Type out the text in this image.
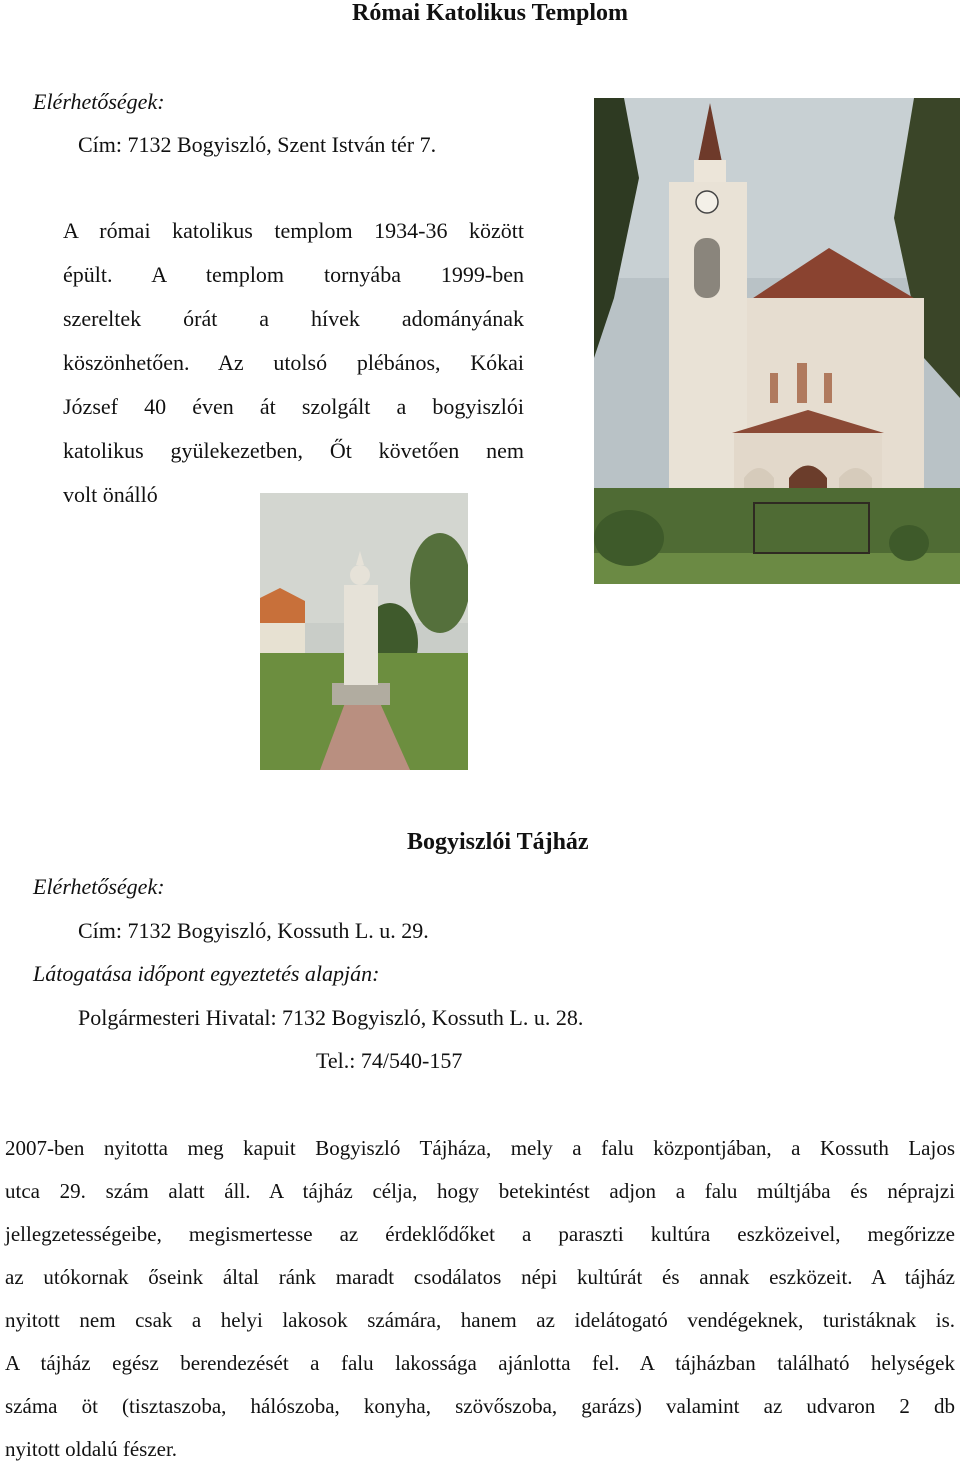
Római Katolikus Templom
Elérhetőségek:
Cím: 7132 Bogyiszló, Szent István tér 7.
A római katolikus templom 1934-36 között
épült. A templom tornyába 1999-ben
szereltek órát a hívek adományának
köszönhetően. Az utolsó plébános, Kókai
József 40 éven át szolgált a bogyiszlói
katolikus gyülekezetben, Őt követően nem
volt önálló
Bogyiszlói Tájház
Elérhetőségek:
Cím: 7132 Bogyiszló, Kossuth L. u. 29.
Látogatása időpont egyeztetés alapján:
Polgármesteri Hivatal: 7132 Bogyiszló, Kossuth L. u. 28.
Tel.: 74/540-157

2007-ben nyitotta meg kapuit Bogyiszló Tájháza, mely a falu központjában, a Kossuth Lajos

utca 29. szám alatt áll. A tájház célja, hogy betekintést adjon a falu múltjába és néprajzi

jellegzetességeibe, megismertesse az érdeklődőket a paraszti kultúra eszközeivel, megőrizze

az utókornak őseink által ránk maradt csodálatos népi kultúrát és annak eszközeit. A tájház

nyitott nem csak a helyi lakosok számára, hanem az idelátogató vendégeknek, turistáknak is.

A tájház egész berendezését a falu lakossága ajánlotta fel. A tájházban található helységek

száma öt (tisztaszoba, hálószoba, konyha, szövőszoba, garázs) valamint az udvaron 2 db

nyitott oldalú fészer.
